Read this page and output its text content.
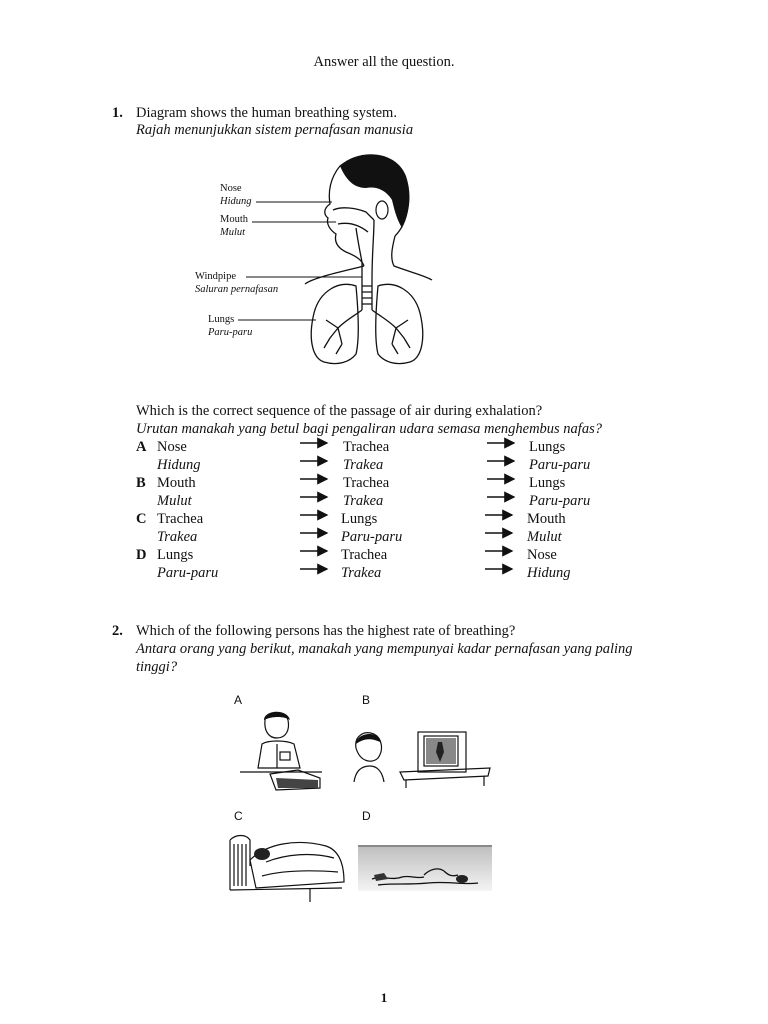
Answer all the question.
1. Diagram shows the human breathing system.
Rajah menunjukkan sistem pernafasan manusia
Nose
Hidung
Mouth
Mulut
Windpipe
Saluran pernafasan
Lungs
Paru-paru
Which is the correct sequence of the passage of air during exhalation?
Urutan manakah yang betul bagi pengaliran udara semasa menghembus nafas?
A Nose
Hidung
Trachea
Trakea
Lungs
Paru-paru
B Mouth
Mulut
Trachea
Trakea
Lungs
Paru-paru
C Trachea
Trakea
Lungs
Paru-paru
Mouth
Mulut
D Lungs
Paru-paru
Trachea
Trakea
Nose
Hidung
2. Which of the following persons has the highest rate of breathing?
Antara orang yang berikut, manakah yang mempunyai kadar pernafasan yang paling
tinggi?
A	B
C	D
1
